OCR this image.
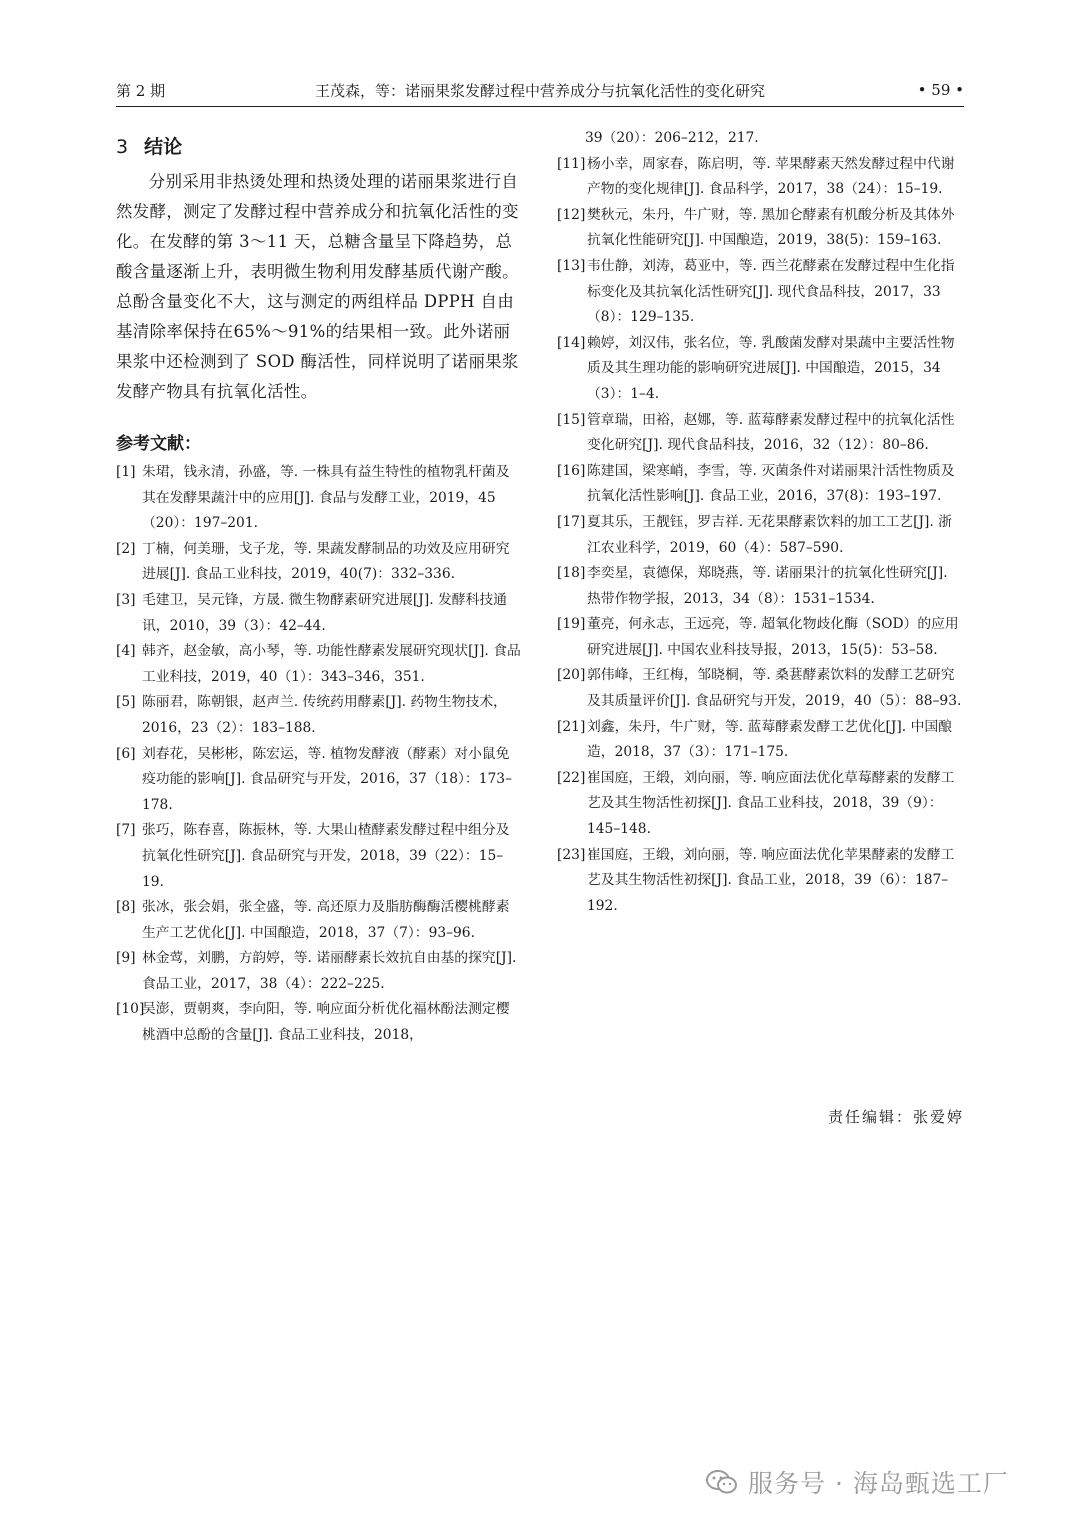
第 2 期	王茂森，等：诺丽果浆发酵过程中营养成分与抗氧化活性的变化研究	• 59 •
3 结论

分别采用非热烫处理和热烫处理的诺丽果浆进行自然发酵，测定了发酵过程中营养成分和抗氧化活性的变化。在发酵的第 3～11 天，总糖含量呈下降趋势，总酸含量逐渐上升，表明微生物利用发酵基质代谢产酸。总酚含量变化不大，这与测定的两组样品 DPPH 自由基清除率保持在65%～91%的结果相一致。此外诺丽果浆中还检测到了 SOD 酶活性，同样说明了诺丽果浆发酵产物具有抗氧化活性。

参考文献：
[1] 朱珺，钱永清，孙盛，等. 一株具有益生特性的植物乳杆菌及其在发酵果蔬汁中的应用[J]. 食品与发酵工业，2019，45（20）：197–201.
[2] 丁楠，何美珊，戈子龙，等. 果蔬发酵制品的功效及应用研究进展[J]. 食品工业科技，2019，40(7)：332–336.
[3] 毛建卫，吴元锋，方晟. 微生物酵素研究进展[J]. 发酵科技通讯，2010，39（3）：42–44.
[4] 韩齐，赵金敏，高小琴，等. 功能性酵素发展研究现状[J]. 食品工业科技，2019，40（1）：343–346，351.
[5] 陈丽君，陈朝银，赵声兰. 传统药用酵素[J]. 药物生物技术，2016，23（2）：183–188.
[6] 刘春花，吴彬彬，陈宏运，等. 植物发酵液（酵素）对小鼠免疫功能的影响[J]. 食品研究与开发，2016，37（18）：173–178.
[7] 张巧，陈春喜，陈振林，等. 大果山楂酵素发酵过程中组分及抗氧化性研究[J]. 食品研究与开发，2018，39（22）：15–19.
[8] 张冰，张会娟，张全盛，等. 高还原力及脂肪酶酶活樱桃酵素生产工艺优化[J]. 中国酿造，2018，37（7）：93–96.
[9] 林金莺，刘鹏，方韵婷，等. 诺丽酵素长效抗自由基的探究[J]. 食品工业，2017，38（4）：222–225.
[10]
吴澎，贾朝爽，李向阳，等. 响应面分析优化福林酚法测定樱桃酒中总酚的含量[J]. 食品工业科技，2018，
39（20）：206–212，217.
[11] 杨小幸，周家春，陈启明，等. 苹果酵素天然发酵过程中代谢产物的变化规律[J]. 食品科学，2017，38（24）：15–19.
[12] 樊秋元，朱丹，牛广财，等. 黑加仑酵素有机酸分析及其体外抗氧化性能研究[J]. 中国酿造，2019，38(5)：159–163.
[13] 韦仕静，刘涛，葛亚中，等. 西兰花酵素在发酵过程中生化指标变化及其抗氧化活性研究[J]. 现代食品科技，2017，33（8）：129–135.
[14] 赖婷，刘汉伟，张名位，等. 乳酸菌发酵对果蔬中主要活性物质及其生理功能的影响研究进展[J]. 中国酿造，2015，34（3）：1–4.
[15] 管章瑞，田裕，赵娜，等. 蓝莓酵素发酵过程中的抗氧化活性变化研究[J]. 现代食品科技，2016，32（12）：80–86.
[16] 陈建国，梁寒峭，李雪，等. 灭菌条件对诺丽果汁活性物质及抗氧化活性影响[J]. 食品工业，2016，37(8)：193–197.
[17] 夏其乐，王靓钰，罗吉祥. 无花果酵素饮料的加工工艺[J]. 浙江农业科学，2019，60（4）：587–590.
[18] 李奕星，袁德保，郑晓燕，等. 诺丽果汁的抗氧化性研究[J]. 热带作物学报，2013，34（8）：1531–1534.
[19] 董亮，何永志，王远亮，等. 超氧化物歧化酶（SOD）的应用研究进展[J]. 中国农业科技导报，2013，15(5)：53–58.
[20] 郭伟峰，王红梅，邹晓桐，等. 桑葚酵素饮料的发酵工艺研究及其质量评价[J]. 食品研究与开发，2019，40（5）：88–93.
[21] 刘鑫，朱丹，牛广财，等. 蓝莓酵素发酵工艺优化[J]. 中国酿造，2018，37（3）：171–175.
[22] 崔国庭，王缎，刘向丽，等. 响应面法优化草莓酵素的发酵工艺及其生物活性初探[J]. 食品工业科技，2018，39（9）：145–148.
[23] 崔国庭，王缎，刘向丽，等. 响应面法优化苹果酵素的发酵工艺及其生物活性初探[J]. 食品工业，2018，39（6）：187–192.
责任编辑：张爱婷
服务号 · 海岛甄选工厂
